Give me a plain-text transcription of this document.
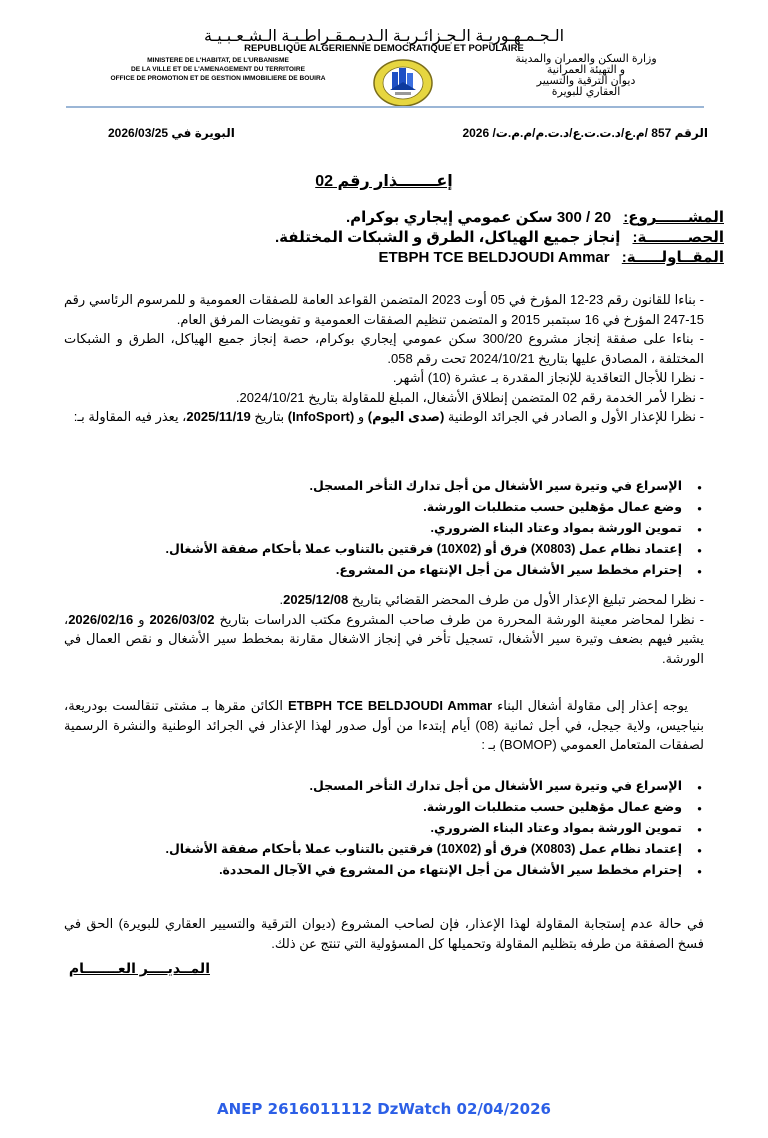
الـجـمـهـوريـة الـجـزائـريـة الـديـمـقـراطـيـة الـشـعـبـيـة
REPUBLIQUE ALGERIENNE DEMOCRATIQUE ET POPULAIRE
MINISTERE DE L'HABITAT, DE L'URBANISME
DE LA VILLE ET DE L'AMENAGEMENT DU TERRITOIRE
OFFICE DE PROMOTION ET DE GESTION IMMOBILIERE DE BOUIRA
وزارة السكن والعمران والمدينة
و التهيئة العمرانية
ديوان الترقية والتسيير
العقاري للبويرة
الرقم 857 /م.ع/د.ت.ت.ع/د.ت.م/م.م.ت/ 2026
البويرة في 2026/03/25
إعـــــــذار رقم 02
المشــــــروع: 20 / 300 سكن عمومي إيجاري بوكرام.
الحصــــــــة: إنجاز جميع الهياكل، الطرق و الشبكات المختلفة.
المقــاولـــــة: ETBPH TCE BELDJOUDI Ammar
- بناءا للقانون رقم 23-12 المؤرخ في 05 أوت 2023 المتضمن القواعد العامة للصفقات العمومية و للمرسوم الرئاسي رقم 15-247 المؤرخ في 16 سبتمبر 2015 و المتضمن تنظيم الصفقات العمومية و تفويضات المرفق العام.
- بناءا على صفقة إنجاز مشروع 300/20 سكن عمومي إيجاري بوكرام، حصة إنجاز جميع الهياكل، الطرق و الشبكات المختلفة ، المصادق عليها بتاريخ 2024/10/21 تحت رقم 058.
- نظرا للأجال التعاقدية للإنجاز المقدرة بـ عشرة (10) أشهر.
- نظرا لأمر الخدمة رقم 02 المتضمن إنطلاق الأشغال، المبلغ للمقاولة بتاريخ 2024/10/21.
- نظرا للإعذار الأول و الصادر في الجرائد الوطنية (صدى اليوم) و (InfoSport) بتاريخ 2025/11/19، يعذر فيه المقاولة بـ:
● الإسراع في وتيرة سير الأشغال من أجل تدارك التأخر المسجل.
● وضع عمال مؤهلين حسب متطلبات الورشة.
● تموين الورشة بمواد وعتاد البناء الضروري.
● إعتماد نظام عمل (X0803) فرق أو (10X02) فرقتين بالتناوب عملا بأحكام صفقة الأشغال.
● إحترام مخطط سير الأشغال من أجل الإنتهاء من المشروع.
- نظرا لمحضر تبليغ الإعذار الأول من طرف المحضر القضائي بتاريخ 2025/12/08.
- نظرا لمحاضر معينة الورشة المحررة من طرف صاحب المشروع مكتب الدراسات بتاريخ 2026/03/02 و 2026/02/16، يشير فيهم بضعف وتيرة سير الأشغال، تسجيل تأخر في إنجاز الاشغال مقارنة بمخطط سير الأشغال و نقص العمال في الورشة.
يوجه إعذار إلى مقاولة أشغال البناء ETBPH TCE BELDJOUDI Ammar الكائن مقرها بـ مشتى تنقالست بودريعة، بنياجيس، ولاية جيجل، في أجل ثمانية (08) أيام إبتدءا من أول صدور لهذا الإعذار في الجرائد الوطنية والنشرة الرسمية لصفقات المتعامل العمومي (BOMOP) بـ :
● الإسراع في وتيرة سير الأشغال من أجل تدارك التأخر المسجل.
● وضع عمال مؤهلين حسب متطلبات الورشة.
● تموين الورشة بمواد وعتاد البناء الضروري.
● إعتماد نظام عمل (X0803) فرق أو (10X02) فرقتين بالتناوب عملا بأحكام صفقة الأشغال.
● إحترام مخطط سير الأشغال من أجل الإنتهاء من المشروع في الآجال المحددة.
في حالة عدم إستجابة المقاولة لهذا الإعذار، فإن لصاحب المشروع (ديوان الترقية والتسيير العقاري للبويرة) الحق في فسخ الصفقة من طرفه بتظليم المقاولة وتحميلها كل المسؤولية التي تنتج عن ذلك.
المــديــــر العـــــــام
ANEP 2616011112 DzWatch 02/04/2026
